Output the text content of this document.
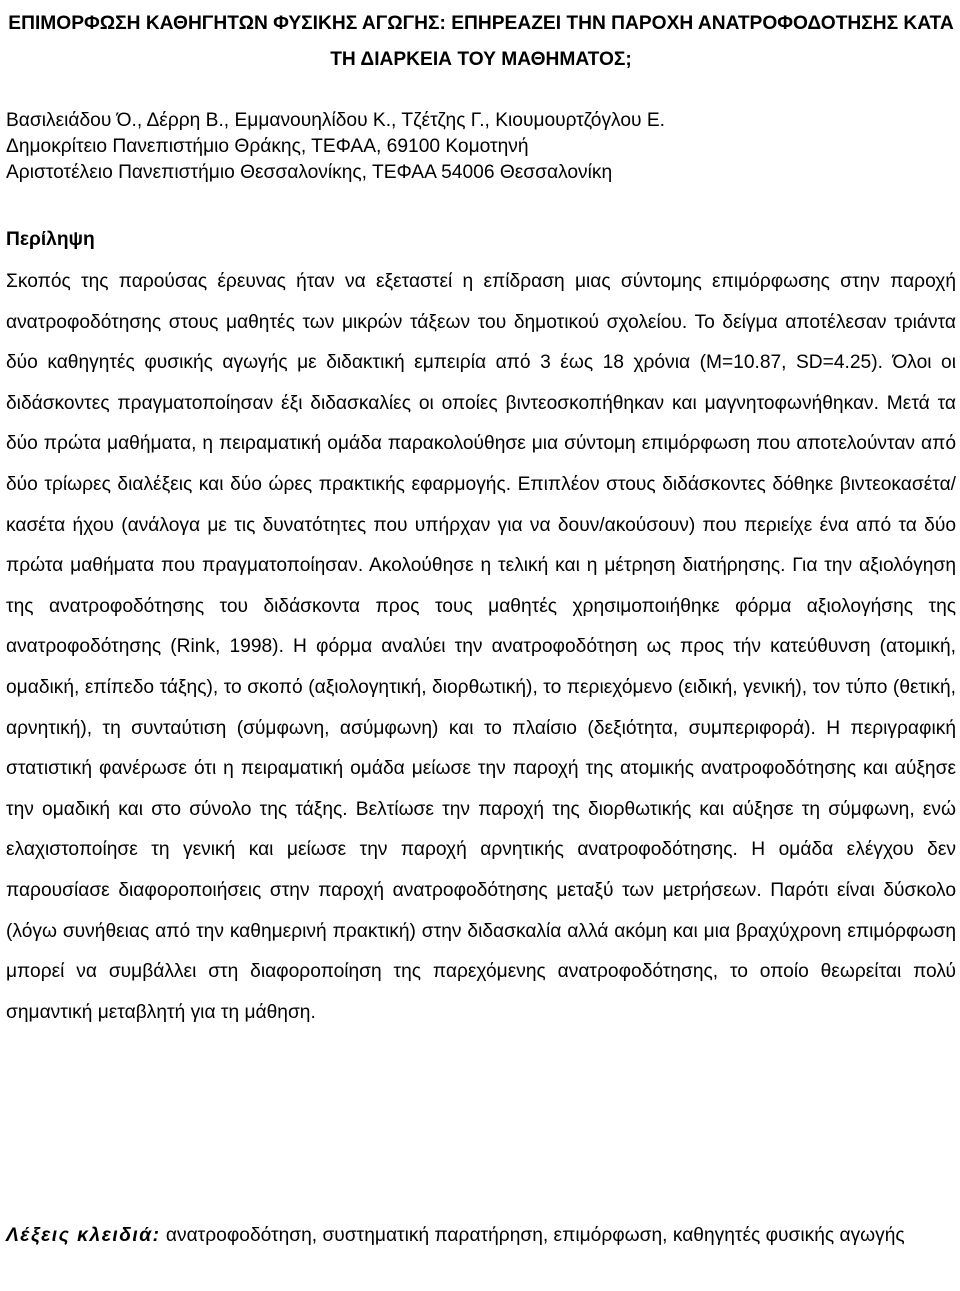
ΕΠΙΜΟΡΦΩΣΗ ΚΑΘΗΓΗΤΩΝ ΦΥΣΙΚΗΣ ΑΓΩΓΗΣ: ΕΠΗΡΕΑΖΕΙ ΤΗΝ ΠΑΡΟΧΗ ΑΝΑΤΡΟΦΟΔΟΤΗΣΗΣ ΚΑΤΑ ΤΗ ΔΙΑΡΚΕΙΑ ΤΟΥ ΜΑΘΗΜΑΤΟΣ;
Βασιλειάδου Ό., Δέρρη Β., Εμμανουηλίδου Κ., Τζέτζης Γ., Κιουμουρτζόγλου Ε.
Δημοκρίτειο Πανεπιστήμιο Θράκης, ΤΕΦΑΑ, 69100 Κομοτηνή
Αριστοτέλειο Πανεπιστήμιο Θεσσαλονίκης, ΤΕΦΑΑ 54006 Θεσσαλονίκη
Περίληψη

Σκοπός της παρούσας έρευνας ήταν να εξεταστεί η επίδραση μιας σύντομης επιμόρφωσης στην παροχή ανατροφοδότησης στους μαθητές των μικρών τάξεων του δημοτικού σχολείου. Το δείγμα αποτέλεσαν τριάντα δύο καθηγητές φυσικής αγωγής με διδακτική εμπειρία από 3 έως 18 χρόνια (M=10.87, SD=4.25). Όλοι οι διδάσκοντες πραγματοποίησαν έξι διδασκαλίες οι οποίες βιντεοσκοπήθηκαν και μαγνητοφωνήθηκαν. Μετά τα δύο πρώτα μαθήματα, η πειραματική ομάδα παρακολούθησε μια σύντομη επιμόρφωση που αποτελούνταν από δύο τρίωρες διαλέξεις και δύο ώρες πρακτικής εφαρμογής. Επιπλέον στους διδάσκοντες δόθηκε βιντεοκασέτα/κασέτα ήχου (ανάλογα με τις δυνατότητες που υπήρχαν για να δουν/ακούσουν) που περιείχε ένα από τα δύο πρώτα μαθήματα που πραγματοποίησαν. Ακολούθησε η τελική και η μέτρηση διατήρησης. Για την αξιολόγηση της ανατροφοδότησης του διδάσκοντα προς τους μαθητές χρησιμοποιήθηκε φόρμα αξιολογήσης της ανατροφοδότησης (Rink, 1998). Η φόρμα αναλύει την ανατροφοδότηση ως προς τήν κατεύθυνση (ατομική, ομαδική, επίπεδο τάξης), το σκοπό (αξιολογητική, διορθωτική), το περιεχόμενο (ειδική, γενική), τον τύπο (θετική, αρνητική), τη συνταύτιση (σύμφωνη, ασύμφωνη) και το πλαίσιο (δεξιότητα, συμπεριφορά). Η περιγραφική στατιστική φανέρωσε ότι η πειραματική ομάδα μείωσε την παροχή της ατομικής ανατροφοδότησης και αύξησε την ομαδική και στο σύνολο της τάξης. Βελτίωσε την παροχή της διορθωτικής και αύξησε τη σύμφωνη, ενώ ελαχιστοποίησε τη γενική και μείωσε την παροχή αρνητικής ανατροφοδότησης. Η ομάδα ελέγχου δεν παρουσίασε διαφοροποιήσεις στην παροχή ανατροφοδότησης μεταξύ των μετρήσεων. Παρότι είναι δύσκολο (λόγω συνήθειας από την καθημερινή πρακτική) στην διδασκαλία αλλά ακόμη και μια βραχύχρονη επιμόρφωση μπορεί να συμβάλλει στη διαφοροποίηση της παρεχόμενης ανατροφοδότησης, το οποίο θεωρείται πολύ σημαντική μεταβλητή για τη μάθηση.

Λέξεις κλειδιά: ανατροφοδότηση, συστηματική παρατήρηση, επιμόρφωση, καθηγητές φυσικής αγωγής
